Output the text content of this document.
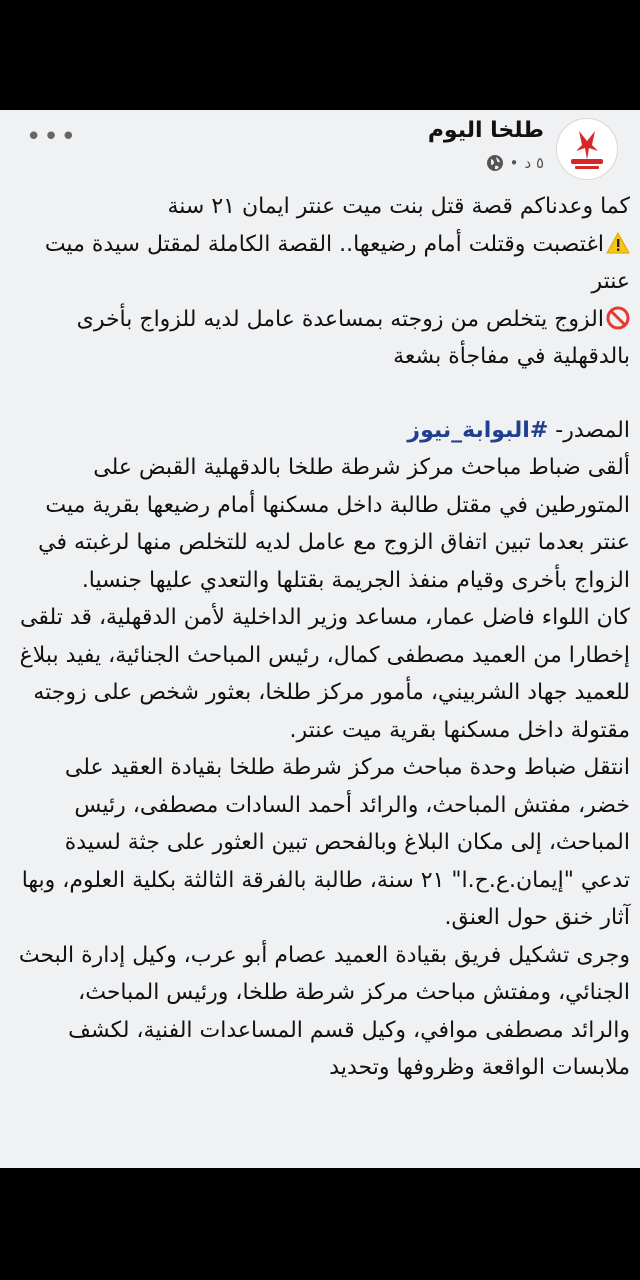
طلخا اليوم
٥ د
•
•••

كما وعدناكم قصة قتل بنت ميت عنتر ايمان ٢١ سنة

اغتصبت وقتلت أمام رضيعها.. القصة الكاملة لمقتل سيدة ميت عنتر

الزوج يتخلص من زوجته بمساعدة عامل لديه للزواج بأخرى بالدقهلية في مفاجأة بشعة

المصدر- #البوابة_نيوز

ألقى ضباط مباحث مركز شرطة طلخا بالدقهلية القبض على المتورطين في مقتل طالبة داخل مسكنها أمام رضيعها بقرية ميت عنتر بعدما تبين اتفاق الزوج مع عامل لديه للتخلص منها لرغبته في الزواج بأخرى وقيام منفذ الجريمة بقتلها والتعدي عليها جنسيا.

كان اللواء فاضل عمار، مساعد وزير الداخلية لأمن الدقهلية، قد تلقى إخطارا من العميد مصطفى كمال، رئيس المباحث الجنائية، يفيد ببلاغ للعميد جهاد الشربيني، مأمور مركز طلخا، بعثور شخص على زوجته مقتولة داخل مسكنها بقرية ميت عنتر.

انتقل ضباط وحدة مباحث مركز شرطة طلخا بقيادة العقيد على خضر، مفتش المباحث، والرائد أحمد السادات مصطفى، رئيس المباحث، إلى مكان البلاغ وبالفحص تبين العثور على جثة لسيدة تدعي "إيمان.ع.ح.ا" ٢١ سنة، طالبة بالفرقة الثالثة بكلية العلوم، وبها آثار خنق حول العنق.

وجرى تشكيل فريق بقيادة العميد عصام أبو عرب، وكيل إدارة البحث الجنائي، ومفتش مباحث مركز شرطة طلخا، ورئيس المباحث، والرائد مصطفى موافي، وكيل قسم المساعدات الفنية، لكشف ملابسات الواقعة وظروفها وتحديد
